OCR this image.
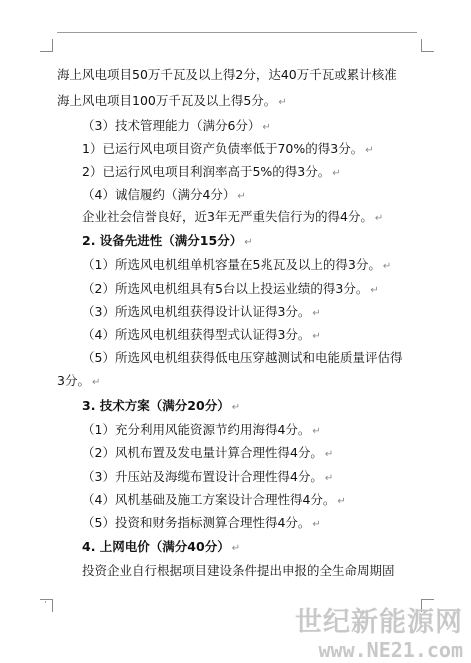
海上风电项目50万千瓦及以上得2分，达40万千瓦或累计核准
海上风电项目100万千瓦及以上得5分。 ↵
（3）技术管理能力（满分6分） ↵
1）已运行风电项目资产负债率低于70%的得3分。 ↵
2）已运行风电项目利润率高于5%的得3分。 ↵
（4）诚信履约（满分4分） ↵
企业社会信誉良好，近3年无严重失信行为的得4分。 ↵
2. 设备先进性（满分15分） ↵
（1）所选风电机组单机容量在5兆瓦及以上的得3分。 ↵
（2）所选风电机组具有5台以上投运业绩的得3分。 ↵
（3）所选风电机组获得设计认证得3分。 ↵
（4）所选风电机组获得型式认证得3分。 ↵
（5）所选风电机组获得低电压穿越测试和电能质量评估得
3分。 ↵
3. 技术方案（满分20分） ↵
（1）充分利用风能资源节约用海得4分。 ↵
（2）风机布置及发电量计算合理性得4分。 ↵
（3）升压站及海缆布置设计合理性得4分。 ↵
（4）风机基础及施工方案设计合理性得4分。 ↵
（5）投资和财务指标测算合理性得4分。 ↵
4. 上网电价（满分40分） ↵
投资企业自行根据项目建设条件提出申报的全生命周期固
·
世纪新能源网
www.NE21.com
